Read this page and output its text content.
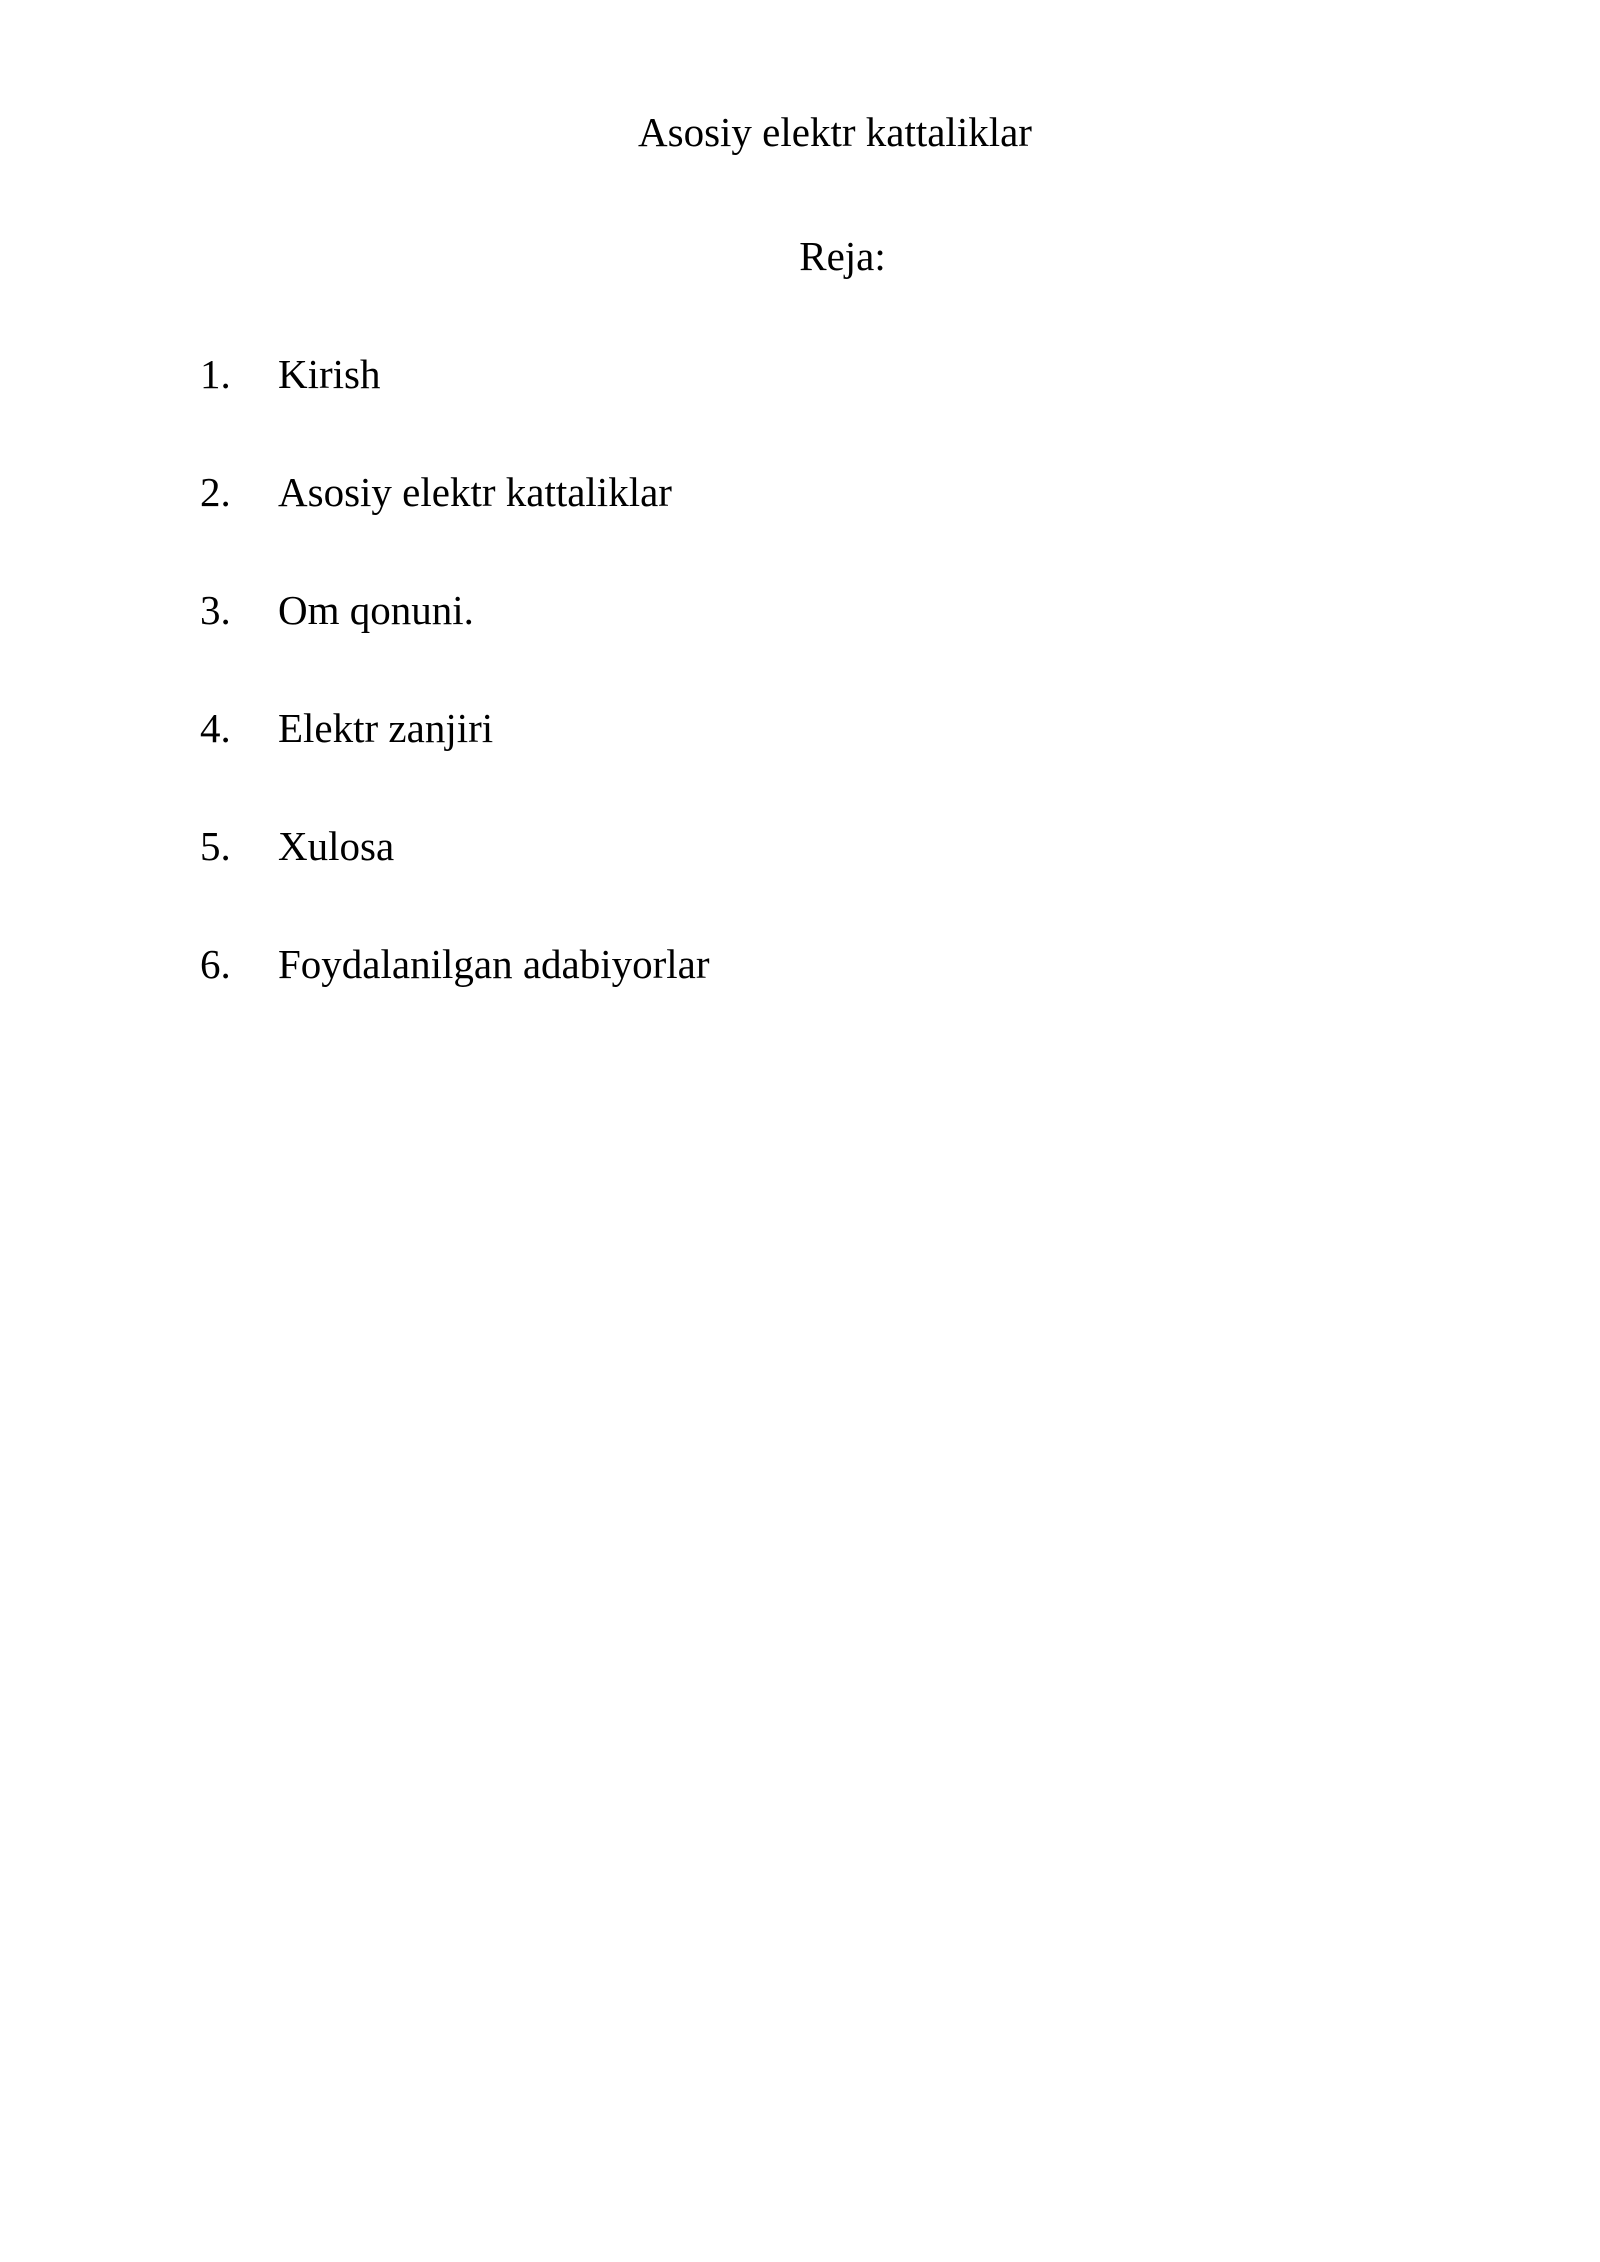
Asosiy elektr kattaliklar
Reja:
1.	Kirish
2.	Asosiy elektr kattaliklar
3.	Om qonuni.
4.	Elektr zanjiri
5.	Xulosa
6.	Foydalanilgan adabiyorlar
